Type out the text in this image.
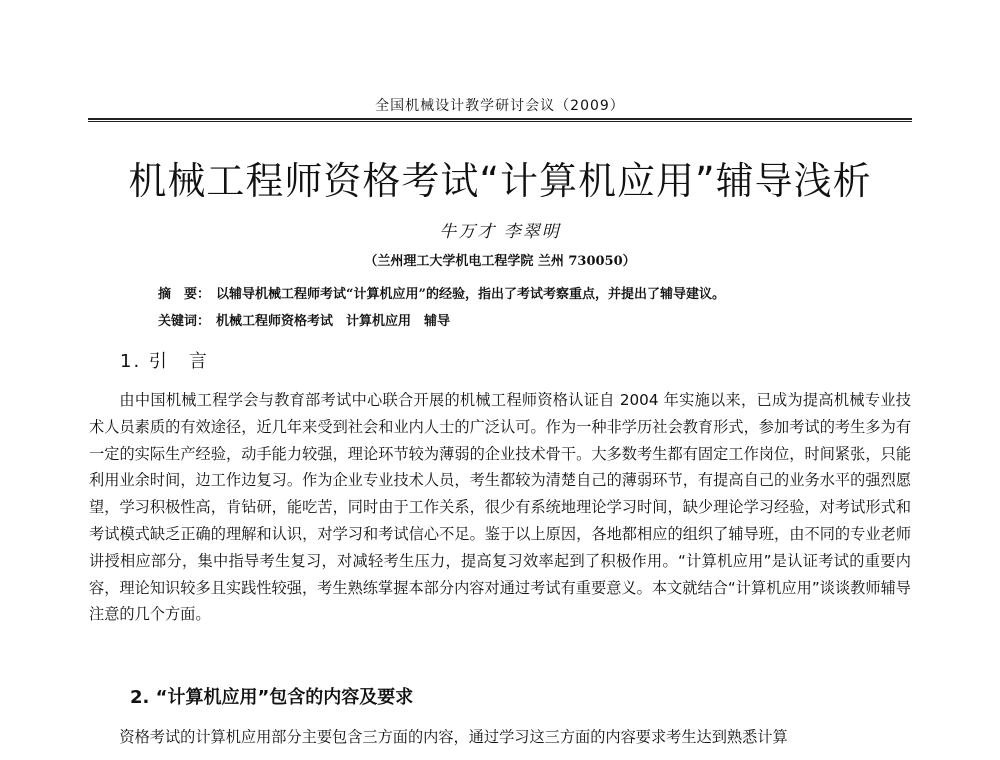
全国机械设计教学研讨会议（2009）
机械工程师资格考试“计算机应用”辅导浅析
牛万才 李翠明
（兰州理工大学机电工程学院 兰州 730050）
摘　要： 以辅导机械工程师考试“计算机应用”的经验，指出了考试考察重点，并提出了辅导建议。
关键词： 机械工程师资格考试　计算机应用　辅导
1. 引　言

由中国机械工程学会与教育部考试中心联合开展的机械工程师资格认证自 2004 年实施以来，已成为提高机械专业技术人员素质的有效途径，近几年来受到社会和业内人士的广泛认可。作为一种非学历社会教育形式，参加考试的考生多为有一定的实际生产经验，动手能力较强，理论环节较为薄弱的企业技术骨干。大多数考生都有固定工作岗位，时间紧张，只能利用业余时间，边工作边复习。作为企业专业技术人员，考生都较为清楚自己的薄弱环节，有提高自己的业务水平的强烈愿望，学习积极性高，肯钻研，能吃苦，同时由于工作关系，很少有系统地理论学习时间，缺少理论学习经验，对考试形式和考试模式缺乏正确的理解和认识，对学习和考试信心不足。鉴于以上原因，各地都相应的组织了辅导班，由不同的专业老师讲授相应部分，集中指导考生复习，对减轻考生压力，提高复习效率起到了积极作用。“计算机应用”是认证考试的重要内容，理论知识较多且实践性较强，考生熟练掌握本部分内容对通过考试有重要意义。本文就结合“计算机应用”谈谈教师辅导注意的几个方面。

2. “计算机应用”包含的内容及要求

资格考试的计算机应用部分主要包含三方面的内容，通过学习这三方面的内容要求考生达到熟悉计算
